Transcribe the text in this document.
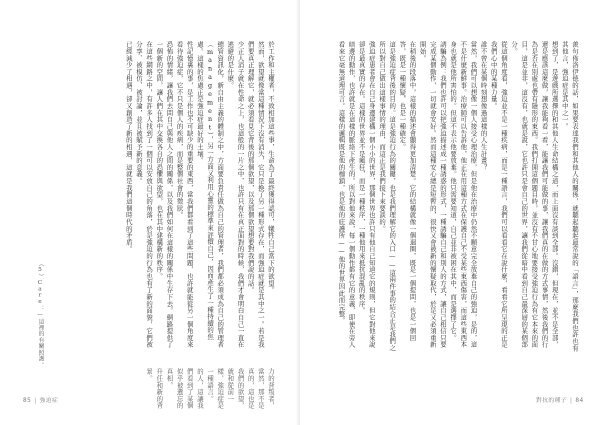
（5）Care：—這裡的有關照護。
於工作和主權者，不致相加這些事，生命為了最終獲得認可，犧牲自己當下的欲望。
然而，欲望就像當這種情況下沒有消失，它只是換了另一種形式存在，而強迫症就是其中之一。若是我們要真正理解它，就必須看見它背後的那個欲望，以及那個欲望想要對我們說的話。
少正人消子就在性命之上，也這般的一片之中，也許只有在真正面對的時候，我們才會明白自己一直在逃避的是什麼。
總管資訊化，新自由主義的體制之中，方面要負責任做為自己的管理者，我們都必須成為自己的管理者（management），另一方面又利用心靈的標準來評價自己，因而產生了一種持續的焦慮。這樣的焦慮正是強迫症最好的土壤。
性記憶裏的事，是工作也不可缺少的重要的東西，當我們都看到了這些問題，也許就能從另一個角度來看待強迫症，它不只是個人的疾病，而是整個社會的徵狀。
恐怖的情緒，讓我們去問自己與他人之間的關係，以及我們如何在這樣的關係中生存下去。網路提供了一個新的空間，讓人們在其中交換各自的恐懼與欲望，也在其中建構新的秩序。
在這些網路之中，有許多人找到了一個可以安放自己的角落，於是強迫的行為也有了新的面貌，它們被分享、被模仿、被討論，並且被賦予新的意義。
已經減少了相遇，卻又創造了新的相遇，這就是我們這個時代的矛盾。
力的背叛者，當然，那不是真的，這也是我們的欲望，就和從前一樣，強迫症是一種語言。
的人，這讓我們看到了某個似乎被遺忘的真相。
升任和新的背景。
85 | 強迫症
羨句佈洛伊德的話，如果要表達我們和其他人的關係，就聽起聽起最常說的「語言」，那麼我們也許也有其他言，強迫症是其中之一。
想到了，是遊戲所選擇的和其他人生命結構之道，而上面沒有談到全部。沒錯，但現在，並不是全部，還是應該這麼做，讓我能夠看一看，能讓我們可能做的事，讓我們真的在做的方式事情，然後我們的行為是否在別處也帶有隱形的東西。我們打開這個題目時，並沒有不甘心地要接受強迫行為有它本來的面目，這是並非，這沒有，也就是說，它也許只是會自己的世界，讓我們從暗中看到自己最深層的某個部分。
從這個角度看，強迫並不是一種疾病，而是一種語言，我們可以看看它在說什麼，看看它所呈現的正是我們心中的某種力量。
誰不曾在某個時刻想像過這樣的人生計畫？
當然，我們可以想像一個人接受心理治療，但是他在治療中仍然不願意完全放棄自己的強迫，是的，這不是什麼新鮮事。治療師可以告訴他，他正在用這種方式在保護自己不受某些東西傷害，而這些東西本身也就是他所害怕的。但這不表示他要放棄。他只需要知道，自己並非被困在其中，而是選擇了它。
誘騙為例：我們也許可以把強迫描述成一種誘惑的形式，一種誘騙自己和別人的方式，讓自己相信只要完成某個動作，一切就會安好。然而這種安心總是短暫的，很快又會被新的懷疑取代，於是又必須重新開始。
在稍後的段落中，這樣的描述會顯得更加清楚。它的結構就像一個迴圈，既是一個提問，也是一個回答，既是一種懷疑，也是一種確定。
這是強迫症背後的目的。這是強迫行為的關鍵，也是我們理解它的入口——這兩件事的結合正是我們之所以對自己做出這樣事情的理由，而這正是我們接下來要談的。
強迫症患者會在自己身邊建構一個小小的世界，那個世界也許只有他自己知道它的規則，但它對他來說卻是最真實的存在。這樣的世界並不是瘋狂，而是一種秩序，一種他用來抵抗混亂的秩序。
暗邊的動作，也許就是在這樣的脈絡下產生的。所以對他來說，每一個動作都有它的意義，即使在旁人看來它毫無道理可言。這樣的邏輯既是他的枷鎖，也是他的庇護所——他的世界因此而完整。
對抗的種子 | 84
